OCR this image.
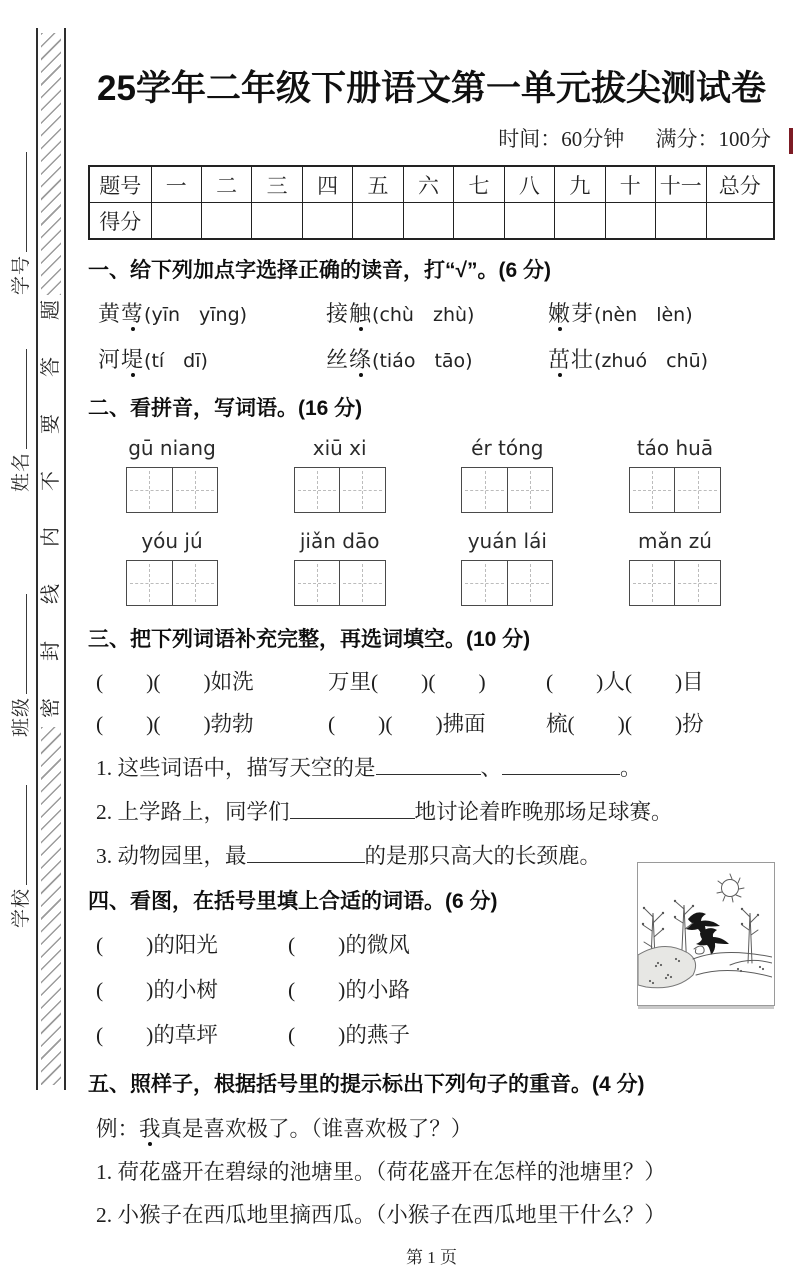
学号
姓名
班级
学校
题
答
要
不
内
线
封
密
25学年二年级下册语文第一单元拔尖测试卷
时间：60分钟 满分：100分
题号	一	二	三	四	五	六	七	八	九	十	十一	总分
得分												
一、给下列加点字选择正确的读音，打“√”。(6 分)
黄莺(yīn　yīng)	接触(chù　zhù)	嫩芽(nèn　lèn)
河堤(tí　dī)	丝绦(tiáo　tāo)	茁壮(zhuó　chū)
二、看拼音，写词语。(16 分)
gū niang	xiū xi	ér tóng	táo huā
yóu jú	jiǎn dāo	yuán lái	mǎn zú
三、把下列词语补充完整，再选词填空。(10 分)
(　　)(　　)如洗	万里(　　)(　　)	(　　)人(　　)目
(　　)(　　)勃勃	(　　)(　　)拂面	梳(　　)(　　)扮
1. 这些词语中，描写天空的是	、	。
2. 上学路上，同学们	地讨论着昨晚那场足球赛。
3. 动物园里，最	的是那只高大的长颈鹿。
四、看图，在括号里填上合适的词语。(6 分)
(　　)的阳光	(　　)的微风
(　　)的小树	(　　)的小路
(　　)的草坪	(　　)的燕子
五、照样子，根据括号里的提示标出下列句子的重音。(4 分)
例：我真是喜欢极了。（谁喜欢极了？）
1. 荷花盛开在碧绿的池塘里。（荷花盛开在怎样的池塘里？）
2. 小猴子在西瓜地里摘西瓜。（小猴子在西瓜地里干什么？）
第 1 页
